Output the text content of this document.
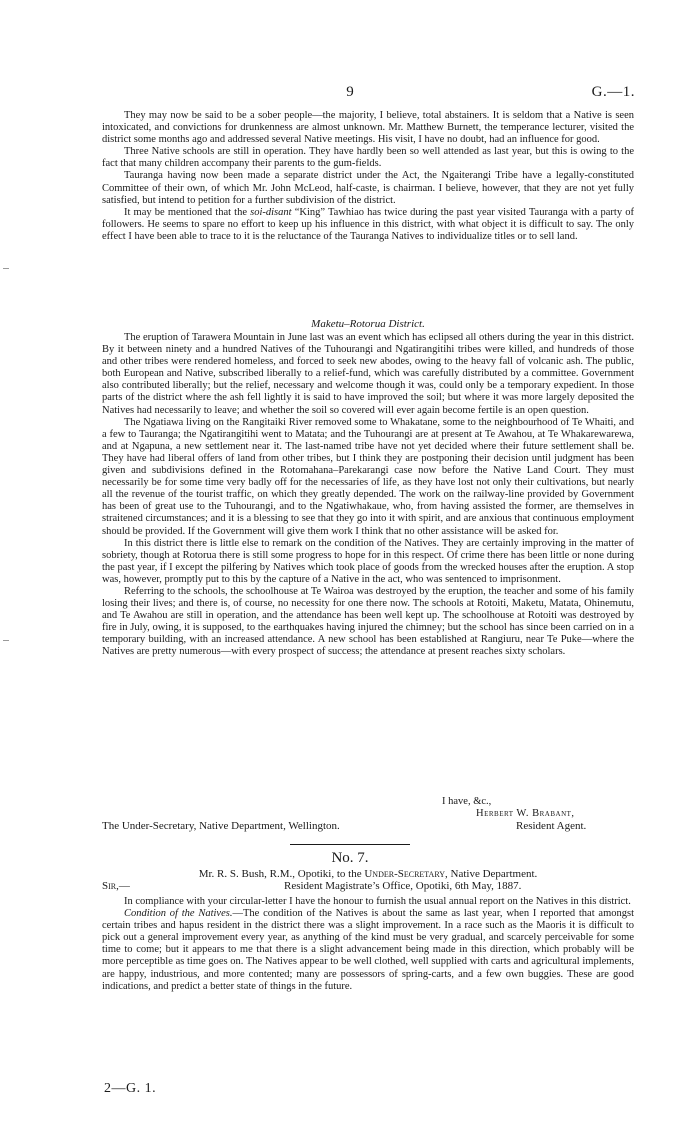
9	G.—1.

They may now be said to be a sober people—the majority, I believe, total abstainers. It is seldom that a Native is seen intoxicated, and convictions for drunkenness are almost unknown. Mr. Matthew Burnett, the temperance lecturer, visited the district some months ago and addressed several Native meetings. His visit, I have no doubt, had an influence for good.

Three Native schools are still in operation. They have hardly been so well attended as last year, but this is owing to the fact that many children accompany their parents to the gum-fields.

Tauranga having now been made a separate district under the Act, the Ngaiterangi Tribe have a legally-constituted Committee of their own, of which Mr. John McLeod, half-caste, is chairman. I believe, however, that they are not yet fully satisfied, but intend to petition for a further subdivision of the district.

It may be mentioned that the soi-disant “King” Tawhiao has twice during the past year visited Tauranga with a party of followers. He seems to spare no effort to keep up his influence in this district, with what object it is difficult to say. The only effect I have been able to trace to it is the reluctance of the Tauranga Natives to individualize titles or to sell land.

Maketu–Rotorua District.

The eruption of Tarawera Mountain in June last was an event which has eclipsed all others during the year in this district. By it between ninety and a hundred Natives of the Tuhourangi and Ngatirangitihi tribes were killed, and hundreds of those and other tribes were rendered homeless, and forced to seek new abodes, owing to the heavy fall of volcanic ash. The public, both European and Native, subscribed liberally to a relief-fund, which was carefully distributed by a committee. Government also contributed liberally; but the relief, necessary and welcome though it was, could only be a temporary expedient. In those parts of the district where the ash fell lightly it is said to have improved the soil; but where it was more largely deposited the Natives had necessarily to leave; and whether the soil so covered will ever again become fertile is an open question.

The Ngatiawa living on the Rangitaiki River removed some to Whakatane, some to the neighbourhood of Te Whaiti, and a few to Tauranga; the Ngatirangitihi went to Matata; and the Tuhourangi are at present at Te Awahou, at Te Whakarewarewa, and at Ngapuna, a new settlement near it. The last-named tribe have not yet decided where their future settlement shall be. They have had liberal offers of land from other tribes, but I think they are postponing their decision until judgment has been given and subdivisions defined in the Rotomahana–Parekarangi case now before the Native Land Court. They must necessarily be for some time very badly off for the necessaries of life, as they have lost not only their cultivations, but nearly all the revenue of the tourist traffic, on which they greatly depended. The work on the railway-line provided by Government has been of great use to the Tuhourangi, and to the Ngatiwhakaue, who, from having assisted the former, are themselves in straitened circumstances; and it is a blessing to see that they go into it with spirit, and are anxious that continuous employment should be provided. If the Government will give them work I think that no other assistance will be asked for.

In this district there is little else to remark on the condition of the Natives. They are certainly improving in the matter of sobriety, though at Rotorua there is still some progress to hope for in this respect. Of crime there has been little or none during the past year, if I except the pilfering by Natives which took place of goods from the wrecked houses after the eruption. A stop was, however, promptly put to this by the capture of a Native in the act, who was sentenced to imprisonment.

Referring to the schools, the schoolhouse at Te Wairoa was destroyed by the eruption, the teacher and some of his family losing their lives; and there is, of course, no necessity for one there now. The schools at Rotoiti, Maketu, Matata, Ohinemutu, and Te Awahou are still in operation, and the attendance has been well kept up. The schoolhouse at Rotoiti was destroyed by fire in July, owing, it is supposed, to the earthquakes having injured the chimney; but the school has since been carried on in a temporary building, with an increased attendance. A new school has been established at Rangiuru, near Te Puke—where the Natives are pretty numerous—with every prospect of success; the attendance at present reaches sixty scholars.

I have, &c.,
Herbert W. Brabant,
The Under-Secretary, Native Department, Wellington.	Resident Agent.
No. 7.
Mr. R. S. Bush, R.M., Opotiki, to the Under-Secretary, Native Department.
Sir,—	Resident Magistrate’s Office, Opotiki, 6th May, 1887.

In compliance with your circular-letter I have the honour to furnish the usual annual report on the Natives in this district.

Condition of the Natives.—The condition of the Natives is about the same as last year, when I reported that amongst certain tribes and hapus resident in the district there was a slight improvement. In a race such as the Maoris it is difficult to pick out a general improvement every year, as anything of the kind must be very gradual, and scarcely perceivable for some time to come; but it appears to me that there is a slight advancement being made in this direction, which probably will be more perceptible as time goes on. The Natives appear to be well clothed, well supplied with carts and agricultural implements, are happy, industrious, and more contented; many are possessors of spring-carts, and a few own buggies. These are good indications, and predict a better state of things in the future.

2—G. 1.
